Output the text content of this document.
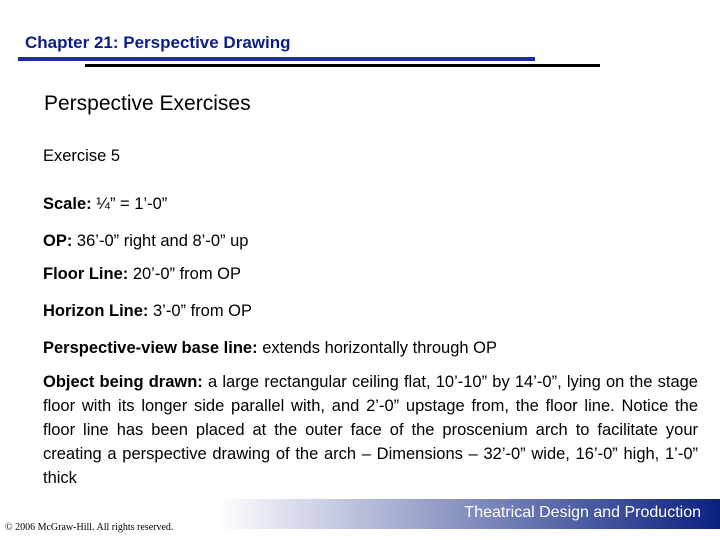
Chapter 21: Perspective Drawing
Perspective Exercises
Exercise 5
Scale: ¼” = 1’-0”
OP: 36’-0” right and 8’-0” up
Floor Line: 20’-0” from OP
Horizon Line: 3’-0” from OP
Perspective-view base line: extends horizontally through OP
Object being drawn: a large rectangular ceiling flat, 10’-10” by 14’-0”, lying on the stage floor with its longer side parallel with, and 2’-0” upstage from, the floor line. Notice the floor line has been placed at the outer face of the proscenium arch to facilitate your creating a perspective drawing of the arch – Dimensions – 32’-0” wide, 16’-0” high, 1’-0” thick
Theatrical Design and Production
© 2006 McGraw-Hill. All rights reserved.
